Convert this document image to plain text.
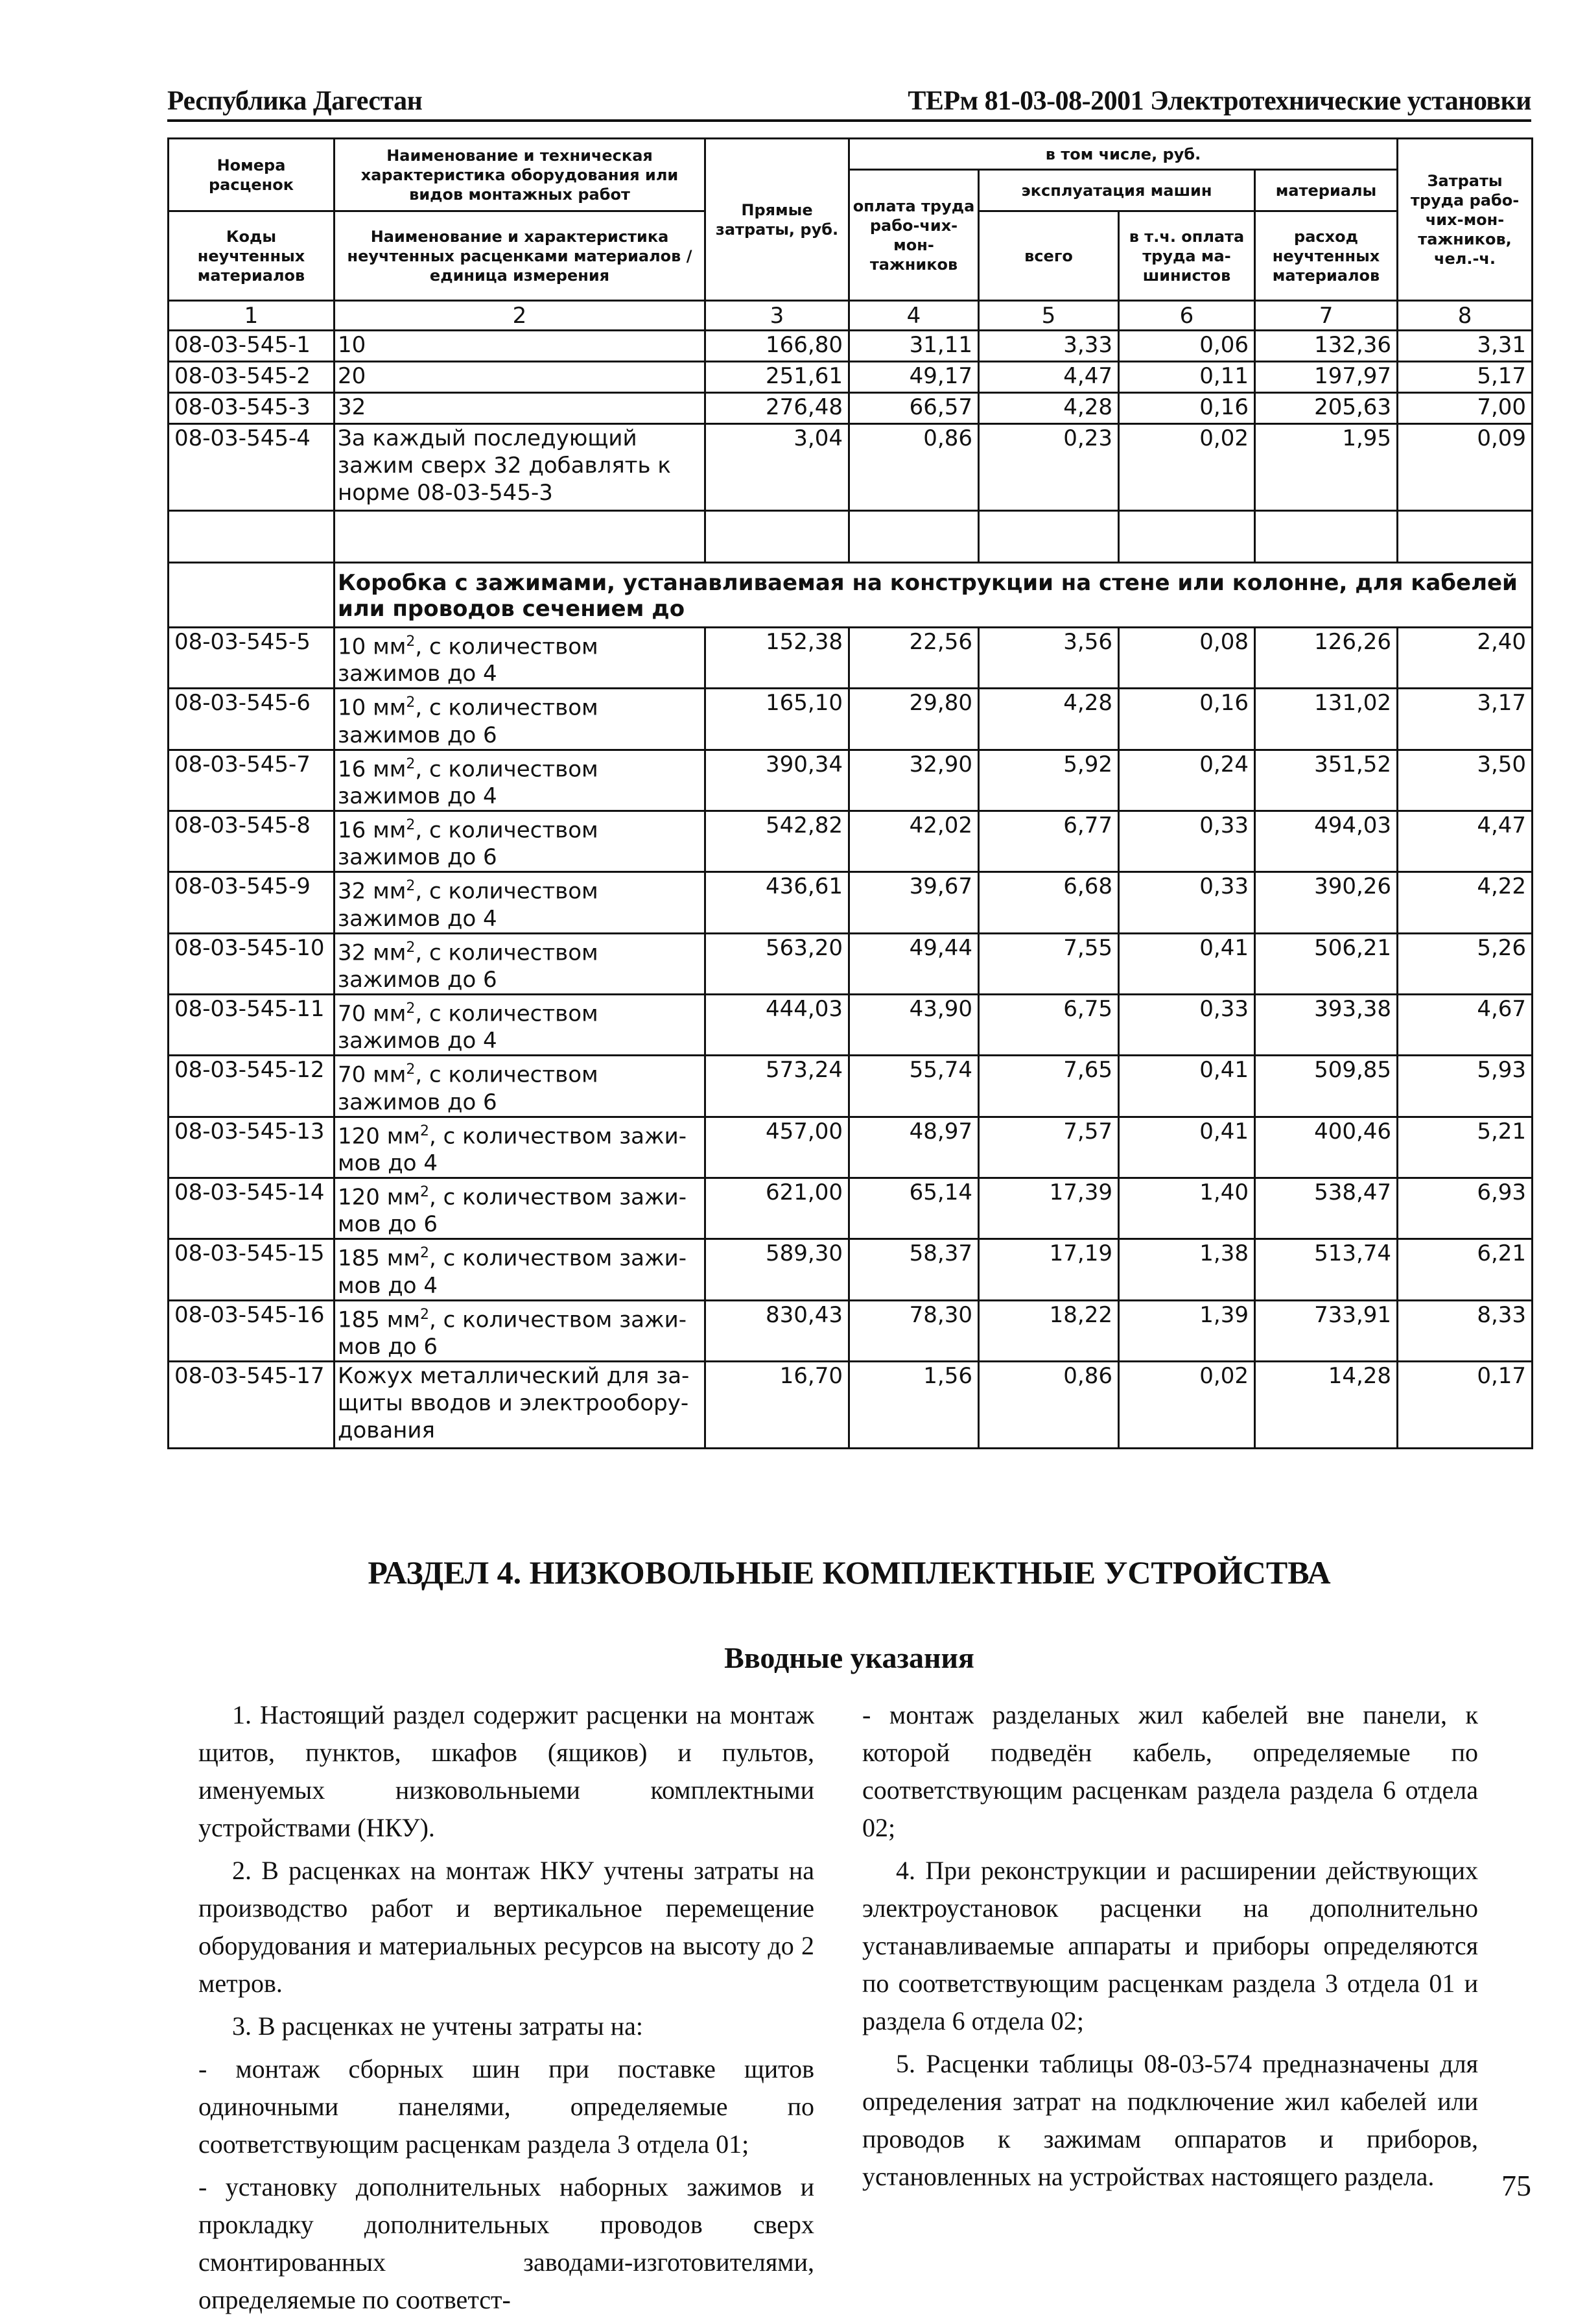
Республика Дагестан	ТЕРм 81-03-08-2001 Электротехнические установки
Номера расценок	Наименование и техническая характеристика оборудования или видов монтажных работ	Прямые затраты, руб.	в том числе, руб.				Затраты труда рабо-чих-мон-тажников, чел.-ч.
			оплата труда рабо-чих-мон-тажников	эксплуатация машин		материалы	
Коды неучтенных материалов	Наименование и характеристика неучтенных расценками материалов / единица измерения			всего	в т.ч. оплата труда ма-шинистов	расход неучтенных материалов	

1	2	3	4	5	6	7	8
08-03-545-1	10	166,80	31,11	3,33	0,06	132,36	3,31
08-03-545-2	20	251,61	49,17	4,47	0,11	197,97	5,17
08-03-545-3	32	276,48	66,57	4,28	0,16	205,63	7,00
08-03-545-4	За каждый последующий зажим сверх 32 добавлять к норме 08-03-545-3	3,04	0,86	0,23	0,02	1,95	0,09

	Коробка с зажимами, устанавливаемая на конструкции на стене или колонне, для кабелей или проводов сечением до						
08-03-545-5	10 $мм^2$, с количеством зажимов до 4	152,38	22,56	3,56	0,08	126,26	2,40
08-03-545-6	10 $мм^2$, с количеством зажимов до 6	165,10	29,80	4,28	0,16	131,02	3,17
08-03-545-7	16 $мм^2$, с количеством зажимов до 4	390,34	32,90	5,92	0,24	351,52	3,50
08-03-545-8	16 $мм^2$, с количеством зажимов до 6	542,82	42,02	6,77	0,33	494,03	4,47
08-03-545-9	32 $мм^2$, с количеством зажимов до 4	436,61	39,67	6,68	0,33	390,26	4,22
08-03-545-10	32 $мм^2$, с количеством зажимов до 6	563,20	49,44	7,55	0,41	506,21	5,26
08-03-545-11	70 $мм^2$, с количеством зажимов до 4	444,03	43,90	6,75	0,33	393,38	4,67
08-03-545-12	70 $мм^2$, с количеством зажимов до 6	573,24	55,74	7,65	0,41	509,85	5,93
08-03-545-13	120 $мм^2$, с количеством зажи-мов до 4	457,00	48,97	7,57	0,41	400,46	5,21
08-03-545-14	120 $мм^2$, с количеством зажи-мов до 6	621,00	65,14	17,39	1,40	538,47	6,93
08-03-545-15	185 $мм^2$, с количеством зажи-мов до 4	589,30	58,37	17,19	1,38	513,74	6,21
08-03-545-16	185 $мм^2$, с количеством зажи-мов до 6	830,43	78,30	18,22	1,39	733,91	8,33
08-03-545-17	Кожух металлический для за-щиты вводов и электрообору-дования	16,70	1,56	0,86	0,02	14,28	0,17
РАЗДЕЛ 4. НИЗКОВОЛЬНЫЕ КОМПЛЕКТНЫЕ УСТРОЙСТВА
Вводные указания

1. Настоящий раздел содержит расценки на монтаж щитов, пунктов, шкафов (ящиков) и пультов, именуемых низковольныеми комплектными устройствами (НКУ).

2. В расценках на монтаж НКУ учтены затраты на производство работ и вертикальное перемещение оборудования и материальных ресурсов на высоту до 2 метров.

3. В расценках не учтены затраты на:

- монтаж сборных шин при поставке щитов одиночными панелями, определяемые по соответствующим расценкам раздела 3 отдела 01;

- установку дополнительных наборных зажимов и прокладку дополнительных проводов сверх смонтированных заводами-изготовителями, определяемые по соответст-

- монтаж разделаных жил кабелей вне панели, к которой подведён кабель, определяемые по соответствующим расценкам раздела раздела 6 отдела 02;

4. При реконструкции и расширении действующих электроустановок расценки на дополнительно устанавливаемые аппараты и приборы определяются по соответствующим расценкам раздела 3 отдела 01 и раздела 6 отдела 02;

5. Расценки таблицы 08-03-574 предназначены для определения затрат на подключение жил кабелей или проводов к зажимам оппаратов и приборов, установленных на устройствах настоящего раздела.	75
